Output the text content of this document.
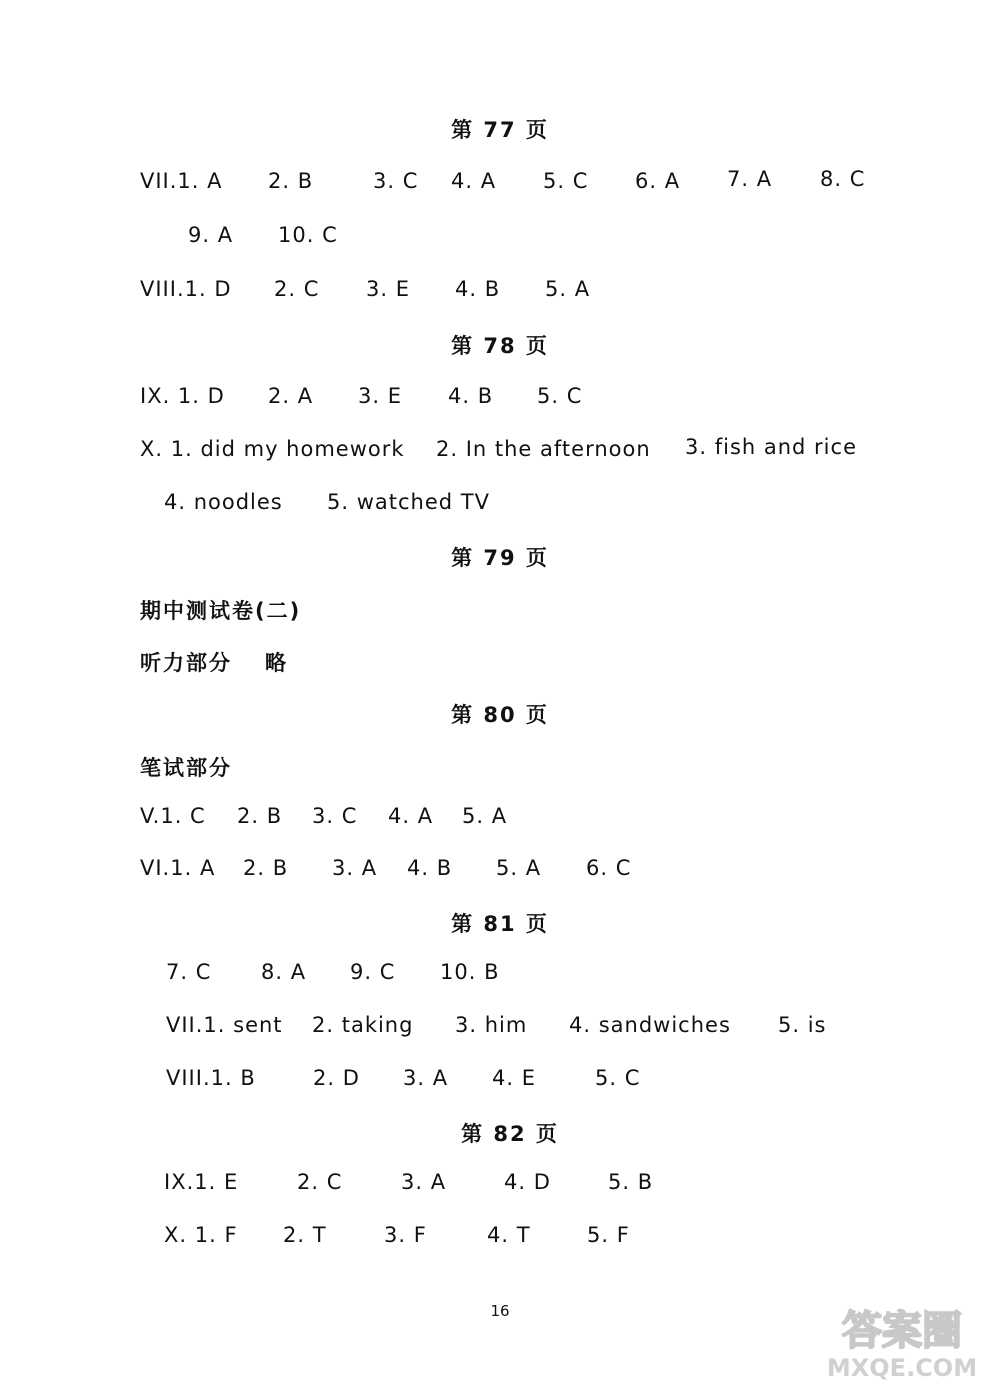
第 77 页
VII.1. A 2. B	3. C 4. A 5. C 6. A 7. A 8. C
9. A 10. C
VIII.1. D 2. C 3. E 4. B 5. A
第 78 页
IX. 1. D 2. A 3. E 4. B 5. C
X. 1. did my homework 2. In the afternoon 3. fish and rice
4. noodles 5. watched TV
第 79 页
期中测试卷(二)
听力部分 略
第 80 页
笔试部分
V.1. C 2. B 3. C 4. A 5. A
VI.1. A 2. B 3. A 4. B 5. A 6. C
第 81 页
7. C 8. A 9. C 10. B
VII.1. sent 2. taking 3. him 4. sandwiches 5. is
VIII.1. B	2. D 3. A 4. E	5. C
第 82 页
IX.1. E	2. C	3. A	4. D	5. B
X. 1. F 2. T	3. F	4. T	5. F
16	答案圈
MXQE.COM
